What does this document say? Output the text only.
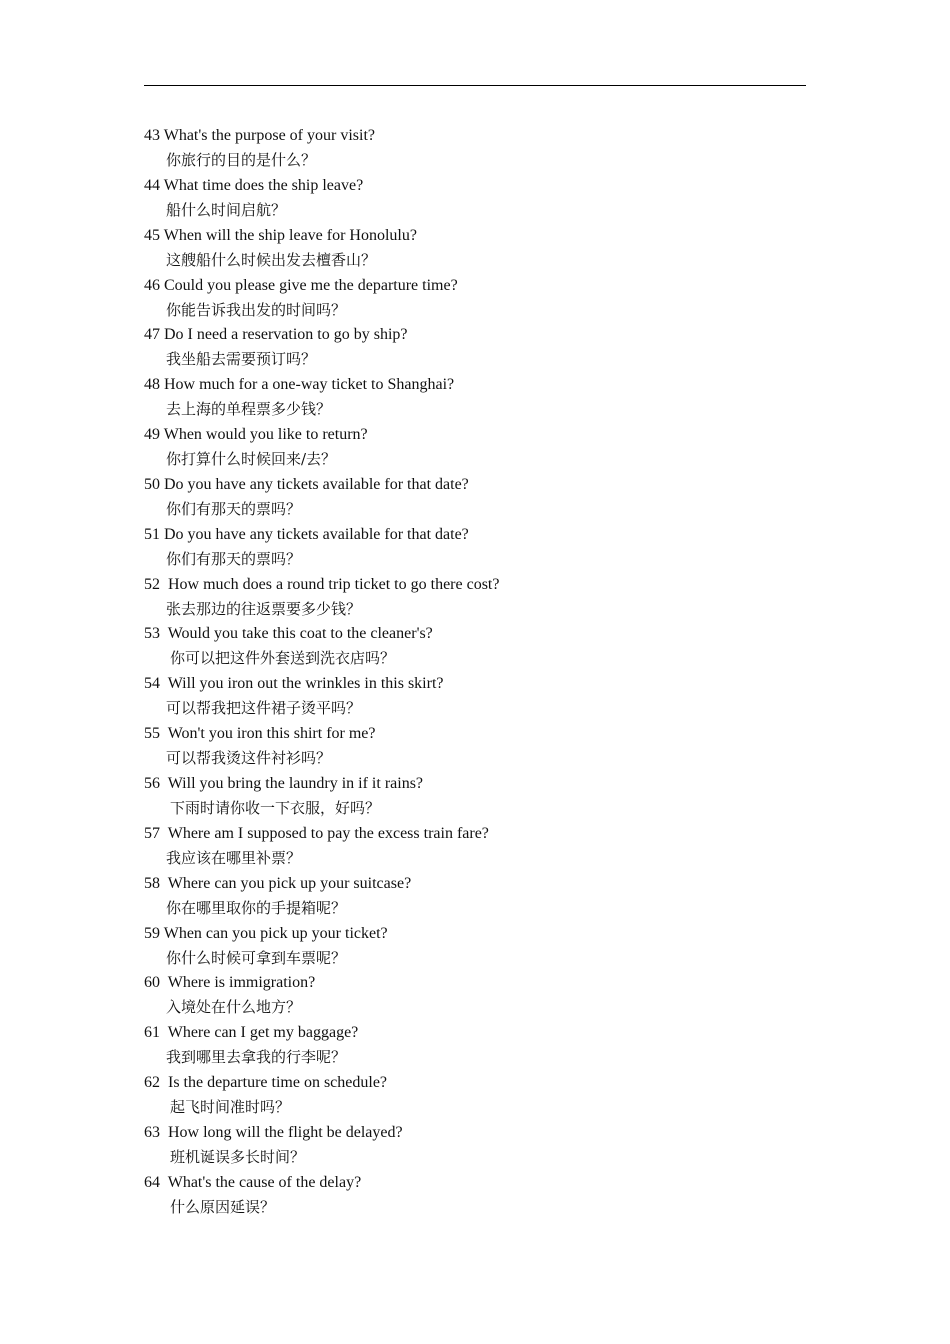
43 What's the purpose of your visit?
你旅行的目的是什么？
44 What time does the ship leave?
船什么时间启航？
45 When will the ship leave for Honolulu?
这艘船什么时候出发去檀香山？
46 Could you please give me the departure time?
你能告诉我出发的时间吗？
47 Do I need a reservation to go by ship?
我坐船去需要预订吗？
48 How much for a one-way ticket to Shanghai?
去上海的单程票多少钱？
49 When would you like to return?
你打算什么时候回来/去？
50 Do you have any tickets available for that date?
你们有那天的票吗？
51 Do you have any tickets available for that date?
你们有那天的票吗？
52  How much does a round trip ticket to go there cost?
张去那边的往返票要多少钱？
53  Would you take this coat to the cleaner's?
你可以把这件外套送到洗衣店吗？
54  Will you iron out the wrinkles in this skirt?
可以帮我把这件裙子烫平吗？
55  Won't you iron this shirt for me?
可以帮我烫这件衬衫吗？
56  Will you bring the laundry in if it rains?
下雨时请你收一下衣服，好吗？
57  Where am I supposed to pay the excess train fare?
我应该在哪里补票？
58  Where can you pick up your suitcase?
你在哪里取你的手提箱呢？
59 When can you pick up your ticket?
你什么时候可拿到车票呢？
60  Where is immigration?
入境处在什么地方？
61  Where can I get my baggage?
我到哪里去拿我的行李呢？
62  Is the departure time on schedule?
起飞时间准时吗？
63  How long will the flight be delayed?
班机诞误多长时间？
64  What's the cause of the delay?
什么原因延误？
